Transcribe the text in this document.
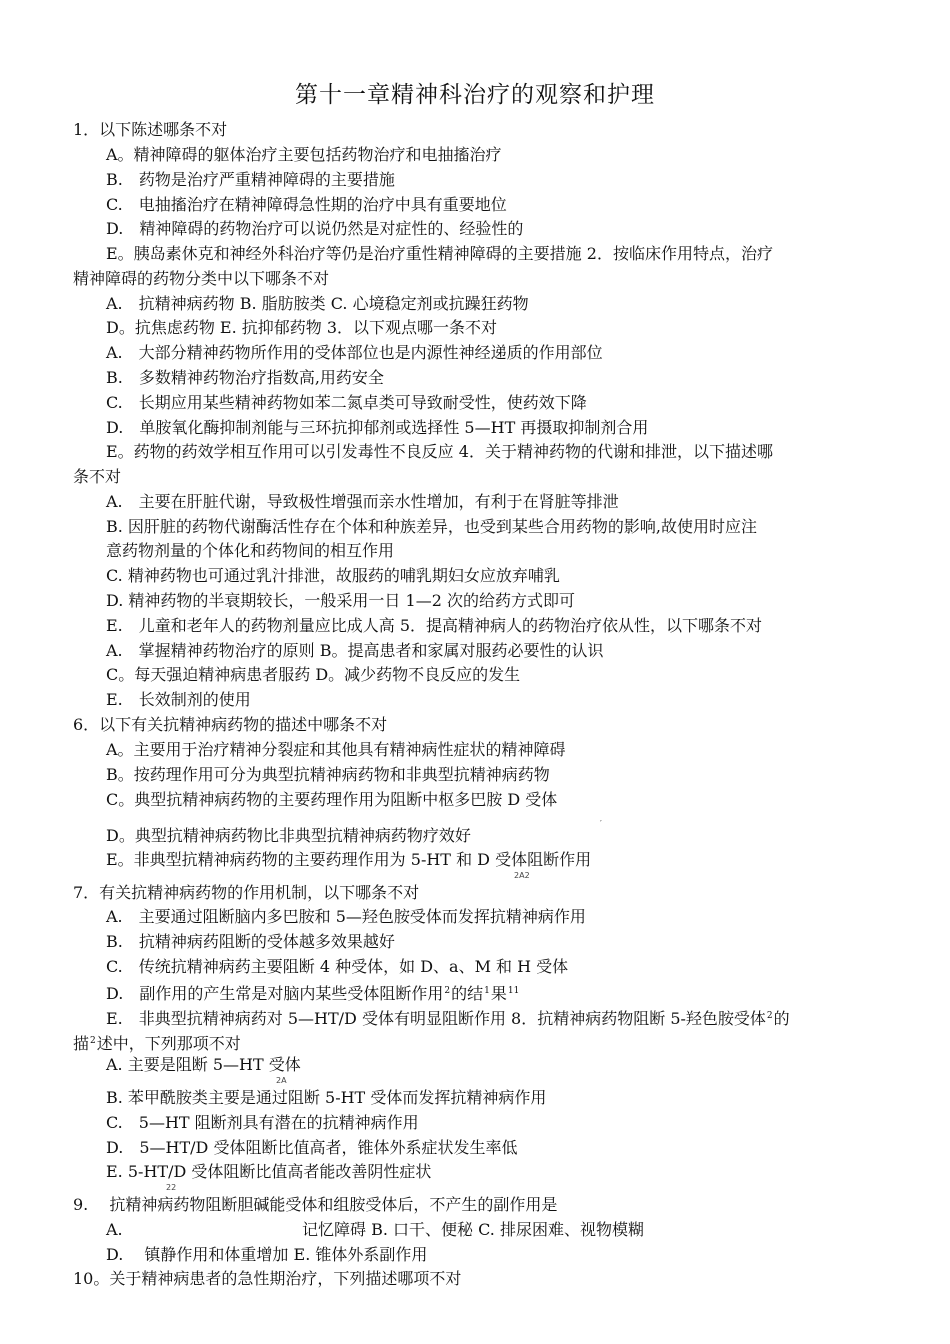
第十一章精神科治疗的观察和护理
1．以下陈述哪条不对
A。精神障碍的躯体治疗主要包括药物治疗和电抽搐治疗
B.　药物是治疗严重精神障碍的主要措施
C.　电抽搐治疗在精神障碍急性期的治疗中具有重要地位
D.　精神障碍的药物治疗可以说仍然是对症性的、经验性的
E。胰岛素休克和神经外科治疗等仍是治疗重性精神障碍的主要措施 2．按临床作用特点，治疗
精神障碍的药物分类中以下哪条不对
A.　抗精神病药物 B. 脂肪胺类 C. 心境稳定剂或抗躁狂药物
D。抗焦虑药物 E. 抗抑郁药物 3．以下观点哪一条不对
A.　大部分精神药物所作用的受体部位也是内源性神经递质的作用部位
B.　多数精神药物治疗指数高,用药安全
C.　长期应用某些精神药物如苯二氮卓类可导致耐受性，使药效下降
D.　单胺氧化酶抑制剂能与三环抗抑郁剂或选择性 5—HT 再摄取抑制剂合用
E。药物的药效学相互作用可以引发毒性不良反应 4．关于精神药物的代谢和排泄，以下描述哪
条不对
A.　主要在肝脏代谢，导致极性增强而亲水性增加，有利于在肾脏等排泄
B. 因肝脏的药物代谢酶活性存在个体和种族差异，也受到某些合用药物的影响,故使用时应注
意药物剂量的个体化和药物间的相互作用
C. 精神药物也可通过乳汁排泄，故服药的哺乳期妇女应放弃哺乳
D. 精神药物的半衰期较长，一般采用一日 1—2 次的给药方式即可
E.　儿童和老年人的药物剂量应比成人高 5．提高精神病人的药物治疗依从性，以下哪条不对
A.　掌握精神药物治疗的原则 B。提高患者和家属对服药必要性的认识
C。每天强迫精神病患者服药 D。减少药物不良反应的发生
E.　长效制剂的使用
6．以下有关抗精神病药物的描述中哪条不对
A。主要用于治疗精神分裂症和其他具有精神病性症状的精神障碍
B。按药理作用可分为典型抗精神病药物和非典型抗精神病药物
C。典型抗精神病药物的主要药理作用为阻断中枢多巴胺 D 受体
′
D。典型抗精神病药物比非典型抗精神病药物疗效好
E。非典型抗精神病药物的主要药理作用为 5-HT 和 D 受体阻断作用
2A2
7．有关抗精神病药物的作用机制，以下哪条不对
A.　主要通过阻断脑内多巴胺和 5—羟色胺受体而发挥抗精神病作用
B.　抗精神病药阻断的受体越多效果越好
C.　传统抗精神病药主要阻断 4 种受体，如 D、a、M 和 H 受体
D.　副作用的产生常是对脑内某些受体阻断作用$^2$的结$^1$果$^{11}$
E.　非典型抗精神病药对 5—HT/D 受体有明显阻断作用 8．抗精神病药物阻断 5-羟色胺受体$^2$的
描$^2$述中，下列那项不对
A. 主要是阻断 5—HT 受体
2A
B. 苯甲酰胺类主要是通过阻断 5-HT 受体而发挥抗精神病作用
C.　5—HT 阻断剂具有潜在的抗精神病作用
D.　5—HT/D 受体阻断比值高者，锥体外系症状发生率低
E. 5-HT/D 受体阻断比值高者能改善阴性症状
22
9.　 抗精神病药物阻断胆碱能受体和组胺受体后，不产生的副作用是
A.	记忆障碍 B. 口干、便秘 C. 排尿困难、视物模糊
D.　 镇静作用和体重增加 E. 锥体外系副作用
10。关于精神病患者的急性期治疗，下列描述哪项不对
